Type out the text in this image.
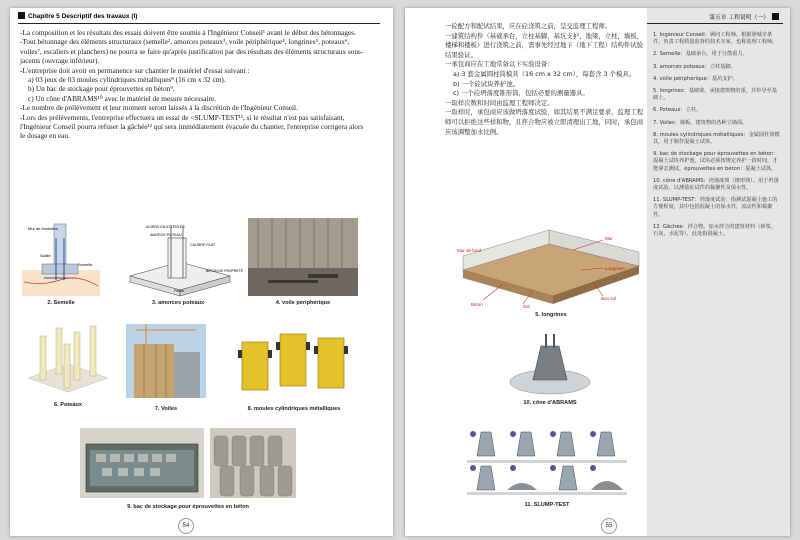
Chapitre 5 Descriptif des travaux (I)

-La composition et les résultats des essais doivent être soumis à l'Ingénieur Conseil¹ avant le début des bétonnages.

-Tout bétonnage des éléments structuraux (semelle², amorces poteaux³, voile périphérique⁴, longrines⁵, poteaux⁶, voiles⁷, escaliers et planchers) ne pourra se faire qu'après justification par des résultats des éléments structuraux sous-jacents (ouvrage inférieur).

-L'entreprise doit avoir en permanence sur chantier le matériel d'essai suivant :

a) 03 jeux de 03 moules cylindriques métalliques⁸ (16 cm x 32 cm).

b) Un bac de stockage pour éprouvettes en béton⁹.

c) Un cône d'ABRAMS¹⁰ avec le matériel de mesure nécessaire.

-Le nombre de prélèvement et leur moment seront laissés à la discrétion de l'Ingénieur Conseil.

-Lors des prélèvements, l'entreprise effectuera un essai de <SLUMP-TEST¹¹, si le résultat n'est pas satisfaisant, l'Ingénieur Conseil pourra refuser la gâchée¹² qui sera immédiatement évacuée du chantier, l'entreprise corrigera alors le dosage en eau.

Mur de fondation
Saillie
Semelle
2. Semelle
ACIERS EN ATTENTES
AMORCE POTEAU
CALIBRE PLAT
BÉTON DE PROPRETÉ
Fastur
3. amorces poteaux	4. voile périphérique
6. Poteaux
7. Voiles	8. moules cylindriques métalliques
9. bac de stockage pour éprouvettes en béton
54

一砼配方和配试结果，应在砼浇筑之前，呈交监理工程师。

一建筑结构件（基础承台，立柱基脚，基坑支护，地梁，立柱，墙板，楼梯和楼板）进行浇筑之前，需事先经过地下（地下工程）结构件试验结果验证。

一承包商应在工地常备以下实验设备：

a) 3 套金属圆柱筒模具（16 cm x 32 cm），每套含 3 个模具。

b) 一个砼试块养护池。

c) 一个砼坍落度锥形筒，包括必要的测量器具。

一取样次数和时间由监理工程师决定。

一取样时，承包商应该做坍落度试验，如其结果不满足要求，监理工程师可以拒绝这些样和物，且拌合物应被立即清理出工地，同时，承包商应该调整加水比例。

Mur
Longrines
Béton	Sol
Mur de fond
Bon sol
5. longrines
10. cône d'ABRAMS
11. SLUMP-TEST
55
第五章 工程说明（一）

1. Ingénieur Conseil：顾问工程师。根据驿城市条件，负责工程质量监督的技术专家，也称监理工程师。

2. Semelle：基础承台。用于分散重力。

3. amorces poteaux：立柱基脚。

4. voile périphérique：基坑支护。

5. longrines：基础梁。承接建筑物的重，并传导至基础上。

6. Poteaux：立柱。

7. Voiles：墙板。建筑物的各种立墙面。

8. moules cylindriques métalliques：金属圆柱筒模具，用于制作混凝土试体。

9. bac de stockage pour éprouvettes en béton：混凝土试块养护池。试块必须按规定养护一段时间，才能拿去测试。éprouvettes en béton：混凝土试体。

10. cône d'ABRAMS：坍落度筒（锥形筒）。用于坍落度试验，以测量砼试件的黏聚性及保水性。

11. SLUMP-TEST：坍落度试验：指测试混凝土施工的方便程度，其中包括混凝土的保水性，流动性和黏聚性。

12. Gâchée：拌合物。加水拌合的建筑材料（砂浆，石灰，水泥等），此处指混凝土。
